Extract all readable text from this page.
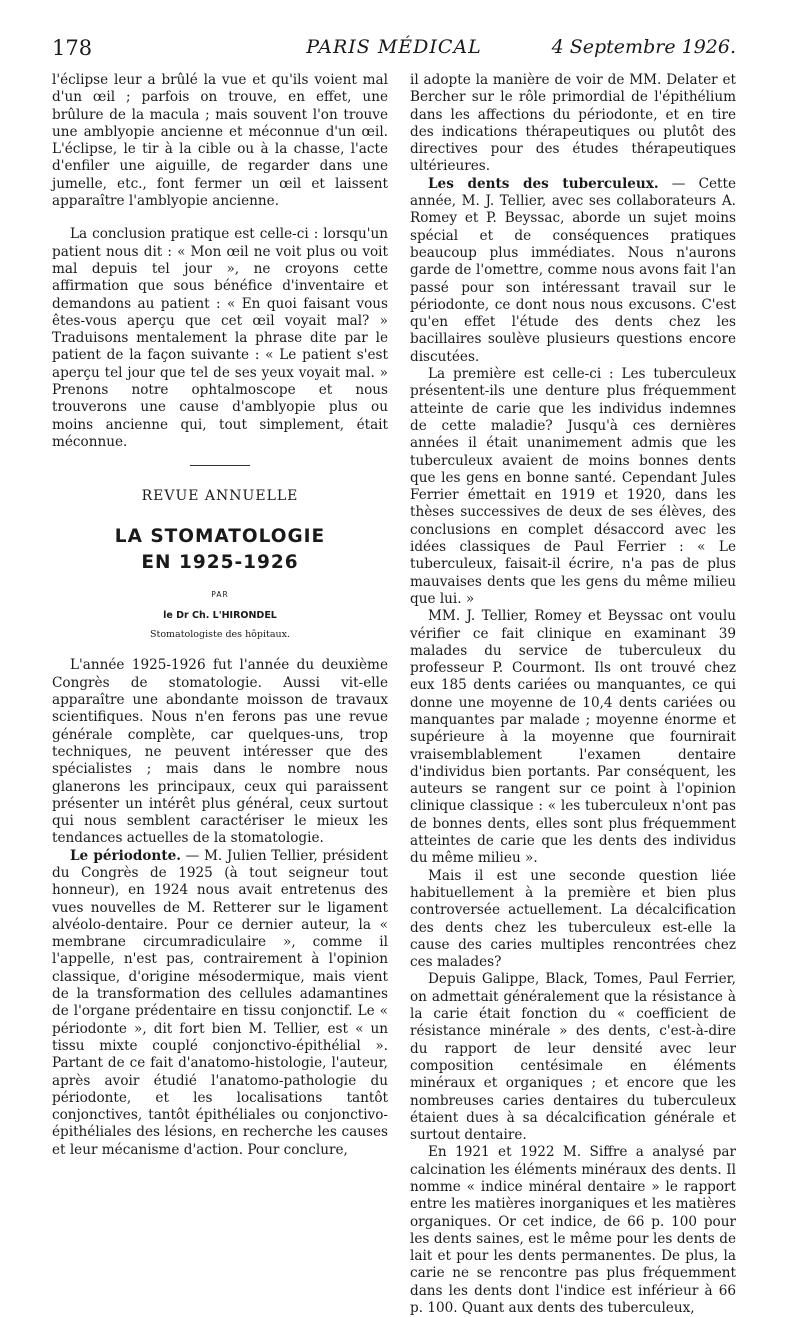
178	PARIS MÉDICAL	4 Septembre 1926.

l'éclipse leur a brûlé la vue et qu'ils voient mal d'un œil ; parfois on trouve, en effet, une brûlure de la macula ; mais souvent l'on trouve une amblyopie ancienne et méconnue d'un œil. L'éclipse, le tir à la cible ou à la chasse, l'acte d'enfiler une aiguille, de regarder dans une jumelle, etc., font fermer un œil et laissent apparaître l'amblyopie ancienne.

La conclusion pratique est celle-ci : lorsqu'un patient nous dit : « Mon œil ne voit plus ou voit mal depuis tel jour », ne croyons cette affirmation que sous bénéfice d'inventaire et demandons au patient : « En quoi faisant vous êtes-vous aperçu que cet œil voyait mal? » Traduisons mentalement la phrase dite par le patient de la façon suivante : « Le patient s'est aperçu tel jour que tel de ses yeux voyait mal. » Prenons notre ophtalmoscope et nous trouverons une cause d'amblyopie plus ou moins ancienne qui, tout simplement, était méconnue.

REVUE ANNUELLE
LA STOMATOLOGIE
EN 1925-1926
PAR
le Dr Ch. L'HIRONDEL
Stomatologiste des hôpitaux.

L'année 1925-1926 fut l'année du deuxième Congrès de stomatologie. Aussi vit-elle apparaître une abondante moisson de travaux scientifiques. Nous n'en ferons pas une revue générale complète, car quelques-uns, trop techniques, ne peuvent intéresser que des spécialistes ; mais dans le nombre nous glanerons les principaux, ceux qui paraissent présenter un intérêt plus général, ceux surtout qui nous semblent caractériser le mieux les tendances actuelles de la stomatologie.

Le périodonte. — M. Julien Tellier, président du Congrès de 1925 (à tout seigneur tout honneur), en 1924 nous avait entretenus des vues nouvelles de M. Retterer sur le ligament alvéolo-dentaire. Pour ce dernier auteur, la « membrane circumradiculaire », comme il l'appelle, n'est pas, contrairement à l'opinion classique, d'origine mésodermique, mais vient de la transformation des cellules adamantines de l'organe prédentaire en tissu conjonctif. Le « périodonte », dit fort bien M. Tellier, est « un tissu mixte couplé conjonctivo-épithélial ». Partant de ce fait d'anatomo-histologie, l'auteur, après avoir étudié l'anatomo-pathologie du périodonte, et les localisations tantôt conjonctives, tantôt épithéliales ou conjonctivo-épithéliales des lésions, en recherche les causes et leur mécanisme d'action. Pour conclure,

il adopte la manière de voir de MM. Delater et Bercher sur le rôle primordial de l'épithélium dans les affections du périodonte, et en tire des indications thérapeutiques ou plutôt des directives pour des études thérapeutiques ultérieures.

Les dents des tuberculeux. — Cette année, M. J. Tellier, avec ses collaborateurs A. Romey et P. Beyssac, aborde un sujet moins spécial et de conséquences pratiques beaucoup plus immédiates. Nous n'aurons garde de l'omettre, comme nous avons fait l'an passé pour son intéressant travail sur le périodonte, ce dont nous nous excusons. C'est qu'en effet l'étude des dents chez les bacillaires soulève plusieurs questions encore discutées.

La première est celle-ci : Les tuberculeux présentent-ils une denture plus fréquemment atteinte de carie que les individus indemnes de cette maladie? Jusqu'à ces dernières années il était unanimement admis que les tuberculeux avaient de moins bonnes dents que les gens en bonne santé. Cependant Jules Ferrier émettait en 1919 et 1920, dans les thèses successives de deux de ses élèves, des conclusions en complet désaccord avec les idées classiques de Paul Ferrier : « Le tuberculeux, faisait-il écrire, n'a pas de plus mauvaises dents que les gens du même milieu que lui. »

MM. J. Tellier, Romey et Beyssac ont voulu vérifier ce fait clinique en examinant 39 malades du service de tuberculeux du professeur P. Courmont. Ils ont trouvé chez eux 185 dents cariées ou manquantes, ce qui donne une moyenne de 10,4 dents cariées ou manquantes par malade ; moyenne énorme et supérieure à la moyenne que fournirait vraisemblablement l'examen dentaire d'individus bien portants. Par conséquent, les auteurs se rangent sur ce point à l'opinion clinique classique : « les tuberculeux n'ont pas de bonnes dents, elles sont plus fréquemment atteintes de carie que les dents des individus du même milieu ».

Mais il est une seconde question liée habituellement à la première et bien plus controversée actuellement. La décalcification des dents chez les tuberculeux est-elle la cause des caries multiples rencontrées chez ces malades?

Depuis Galippe, Black, Tomes, Paul Ferrier, on admettait généralement que la résistance à la carie était fonction du « coefficient de résistance minérale » des dents, c'est-à-dire du rapport de leur densité avec leur composition centésimale en éléments minéraux et organiques ; et encore que les nombreuses caries dentaires du tuberculeux étaient dues à sa décalcification générale et surtout dentaire.

En 1921 et 1922 M. Siffre a analysé par calcination les éléments minéraux des dents. Il nomme « indice minéral dentaire » le rapport entre les matières inorganiques et les matières organiques. Or cet indice, de 66 p. 100 pour les dents saines, est le même pour les dents de lait et pour les dents permanentes. De plus, la carie ne se rencontre pas plus fréquemment dans les dents dont l'indice est inférieur à 66 p. 100. Quant aux dents des tuberculeux,
